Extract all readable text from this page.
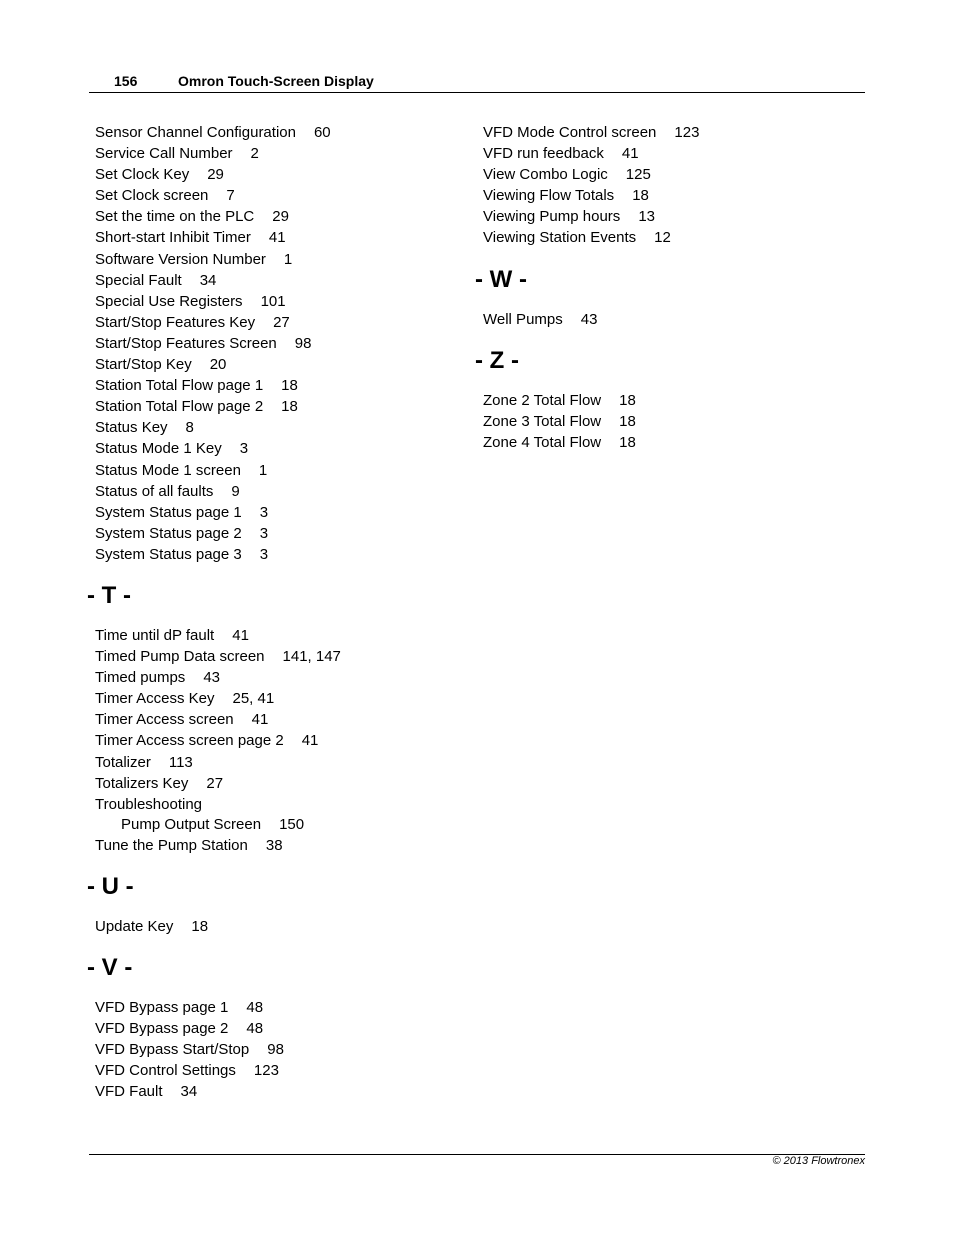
156	Omron Touch-Screen Display
Sensor Channel Configuration 60
Service Call Number 2
Set Clock Key 29
Set Clock screen 7
Set the time on the PLC 29
Short-start Inhibit Timer 41
Software Version Number 1
Special Fault 34
Special Use Registers 101
Start/Stop Features Key 27
Start/Stop Features Screen 98
Start/Stop Key 20
Station Total Flow page 1 18
Station Total Flow page 2 18
Status Key 8
Status Mode 1 Key 3
Status Mode 1 screen 1
Status of all faults 9
System Status page 1 3
System Status page 2 3
System Status page 3 3
- T -
Time until dP fault 41
Timed Pump Data screen 141, 147
Timed pumps 43
Timer Access Key 25, 41
Timer Access screen 41
Timer Access screen page 2 41
Totalizer 113
Totalizers Key 27
Troubleshooting
Pump Output Screen 150
Tune the Pump Station 38
- U -
Update Key 18
- V -
VFD Bypass page 1 48
VFD Bypass page 2 48
VFD Bypass Start/Stop 98
VFD Control Settings 123
VFD Fault 34
VFD Mode Control screen 123
VFD run feedback 41
View Combo Logic 125
Viewing Flow Totals 18
Viewing Pump hours 13
Viewing Station Events 12
- W -
Well Pumps 43
- Z -
Zone 2 Total Flow 18
Zone 3 Total Flow 18
Zone 4 Total Flow 18
© 2013 Flowtronex
